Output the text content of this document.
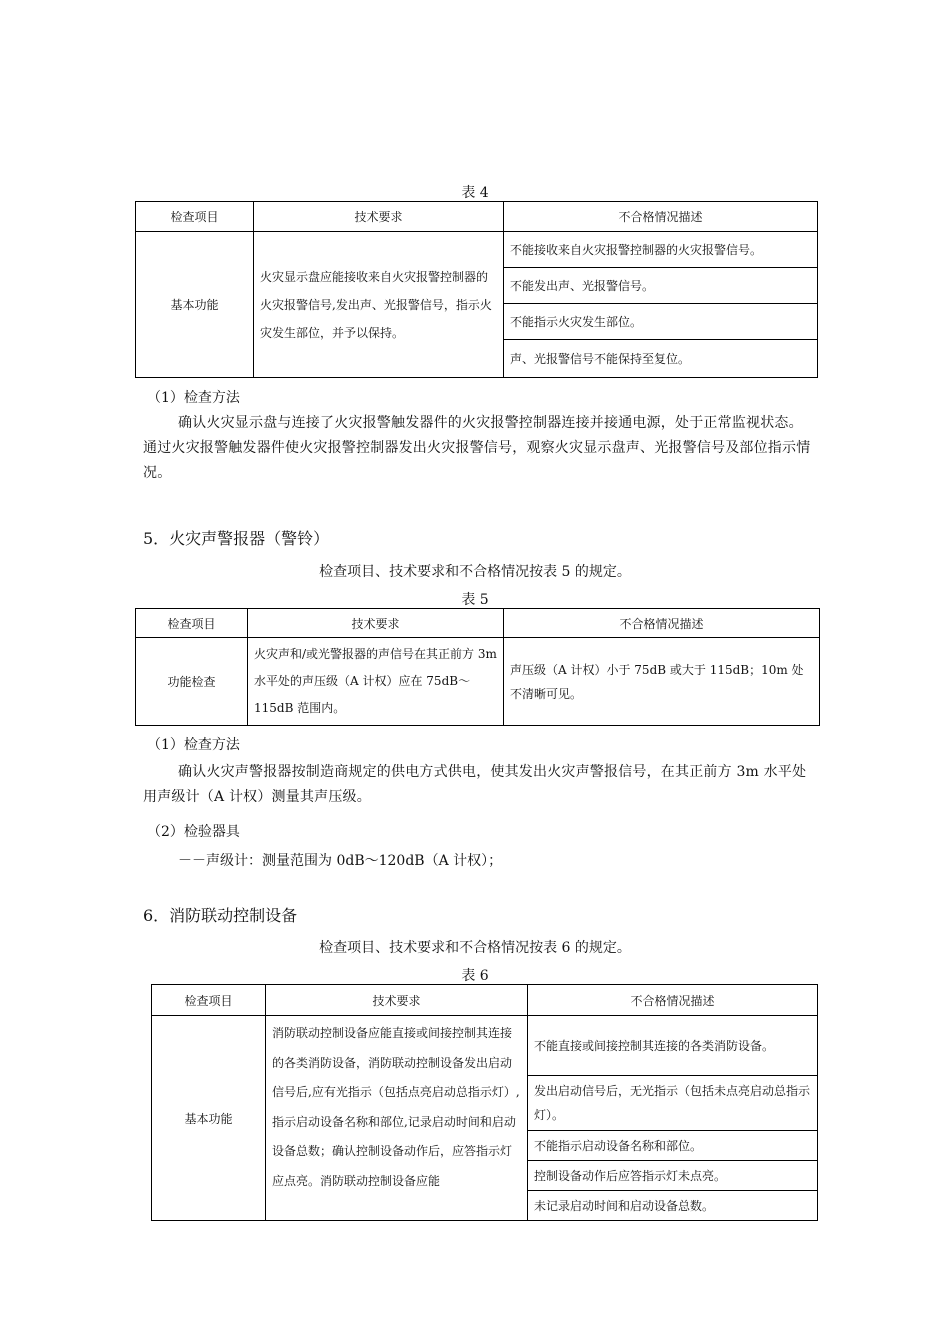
表 4
检查项目	技术要求	不合格情况描述
基本功能	火灾显示盘应能接收来自火灾报警控制器的火灾报警信号,发出声、光报警信号，指示火灾发生部位，并予以保持。	不能接收来自火灾报警控制器的火灾报警信号。
		不能发出声、光报警信号。
		不能指示火灾发生部位。
		声、光报警信号不能保持至复位。
（1）检查方法
确认火灾显示盘与连接了火灾报警触发器件的火灾报警控制器连接并接通电源，处于正常监视状态。通过火灾报警触发器件使火灾报警控制器发出火灾报警信号，观察火灾显示盘声、光报警信号及部位指示情况。
5．火灾声警报器（警铃）
检查项目、技术要求和不合格情况按表 5 的规定。
表 5
检查项目	技术要求	不合格情况描述
功能检查	火灾声和/或光警报器的声信号在其正前方 3m 水平处的声压级（A 计权）应在 75dB～115dB 范围内。	声压级（A 计权）小于 75dB 或大于 115dB；10m 处不清晰可见。
（1）检查方法
确认火灾声警报器按制造商规定的供电方式供电，使其发出火灾声警报信号，在其正前方 3m 水平处用声级计（A 计权）测量其声压级。
（2）检验器具
－－声级计：测量范围为 0dB～120dB（A 计权）；
6．消防联动控制设备
检查项目、技术要求和不合格情况按表 6 的规定。
表 6
检查项目	技术要求	不合格情况描述
基本功能	消防联动控制设备应能直接或间接控制其连接的各类消防设备，消防联动控制设备发出启动信号后,应有光指示（包括点亮启动总指示灯）,指示启动设备名称和部位,记录启动时间和启动设备总数；确认控制设备动作后，应答指示灯应点亮。消防联动控制设备应能	不能直接或间接控制其连接的各类消防设备。
		发出启动信号后，无光指示（包括未点亮启动总指示灯）。
		不能指示启动设备名称和部位。
		控制设备动作后应答指示灯未点亮。
		未记录启动时间和启动设备总数。
